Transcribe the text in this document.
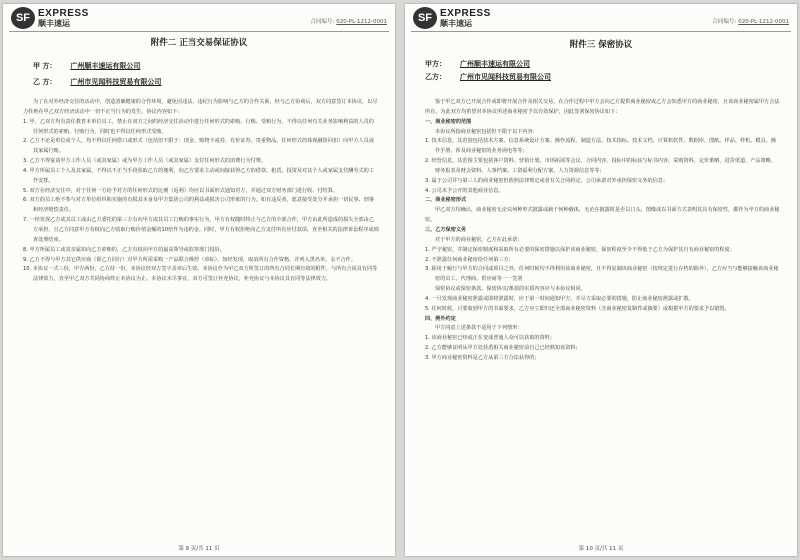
SF EXPRESS
顺丰速运	合同编号: 020-PL-1212-0001
附件二 正当交易保证协议
甲 方： 广州顺丰速运有限公司
乙 方： 广州市见闻科技贸易有限公司

为了在对外经济交往的活动中，创造清廉健康的合作环境，避免因违法、违纪行为影响与乙方的合作关系，经与乙方协商后，双方同意签订本协议，以尽力杜绝在甲乙双方经济活动中一切不正当行为的发生，协议内容如下：

1. 甲、乙双方均有责任教育本单位员工，禁止在双方之间的经济交往活动中进行任何形式的索贿、行贿、受贿行为，不得以任何有关业务影响利益的人员的任何形式的索贿、行贿行为，同时也不得以任何形式受贿。

2. 乙方不论是单位或个人，均不得以任何借口或形式（包括但不限于：现金、购物卡或券、有价证券、贵重物品、任何形式的体现融资回扣）向甲方人员或其家属行贿。

3. 乙方不得宴请甲方工作人员（或其家属）或为甲方工作人员（或其家属）支付任何形式的消费行为付费。

4. 甲方所属员工个人及其家属，不得以不正当手段获取乙方的便利，向乙方要求主动或间接获得乙方的借款、租赁、投资及对其个人或家属支付酬劳式的工作安排。

5. 双方在经济交往中，对于任何一方给予对方的任何形式的比例（返利）均应以书面形式通知对方，并通过双方财务部门进行收、付结算。

6. 双方的员工绝不参与对方单位组织和实施的有损其本身及甲方集团公司的利益或损害公司形象的行为。如有违反者，愿意接受处分并承担一切民事、刑事和经济赔偿责任。

7. 一经发现乙方或其员工或由乙方委托的第三方有向甲方或其员工行贿的事实行为，甲方有权随时终止与乙方的全部合作，甲方由此所造成的损失全部由乙方承担，且乙方同意甲方有权向乙方收取行贿价值金额的10倍作为违约金。同时，甲方有权拒绝向乙方支付所有应付款项，直至相关的法律诉讼程序或调查处理结束。

8. 甲方所属员工或其亲属如向乙方索贿的，乙方有权向甲方的最高领导或监察部门投诉。

9. 乙方不得与甲方其它供应商（即乙方同行）对甲方所需采购一产品联合操控（串标），如经发现，取消所有合作资格，并列入黑名单，永不合作。

10. 本协议一式三份，甲方两份，乙方持一份，本协议经双方签字盖章后生效。本协议作为甲乙双方所签订的所有合同长期有效的附件，与所有合同具有同等法律效力，直至甲乙双方共同协商终止本协议为止。本协议未尽事宜，双方可签订补充协议，补充协议与本协议具有同等法律效力。

第 9 页/共 11 页
SF EXPRESS
顺丰速运	合同编号: 020-PL-1212-0001
附件三 保密协议
甲方： 广州顺丰速运有限公司
乙方： 广州市见闻科技贸易有限公司

鉴于甲乙双方已开展合作或即将开展合作及相关交易，在合作过程中甲方会向乙方提供商业秘密或乙方会知悉甲方的商业秘密，且该商业秘密属甲方合法所有，为此双方均希望对本协议所述商业秘密予以有效保护，因此签署保密协议如下：

一、商业秘密的范围

本协议所指商业秘密包括但不限于以下内容：

1. 技术信息，其范围包括技术方案、信息系统设计方案、操作流程、制造方法、技术指标、技术文档、计算机软件、数据库、图纸、样品、样机、模具、操作手册、涉及商业秘密的业务函电等等；

2. 经营信息，其范围主要包括客户资料、营销计划、市场拓展等会议、合同内容、投标中的标底与标书内容、采购资料、定价策略、进货渠道、产品策略、财务报表及财会资料、人事档案、工资福利分配方案、人力资源信息等等；

3. 属于公司并与第三人的商业秘密但依照法律规定或者有关合同约定，公司承诺对外承担保密义务的信息；

4. 公司未予公开的其他商业信息。

二、商业秘密形式

甲乙双方均确认，商业秘密无论以何种形式披露或载于何种载体，无论在披露时是否以口头、图像或以书面方式表明其具有保密性，都作为甲方的商业秘密。

三、乙方保密义务

对于甲方的商业秘密，乙方在此承诺：

1. 严守秘密，并制定保密制度和采取所有必要的保密措施以保护该商业秘密，保密程度至少不得低于乙方为保护其自有商业秘密的程度；

2. 不泄露任何商业秘密给任何第三方；

3. 除用于履行与甲方的合同或项目之外，任何时候均不得利用该商业秘密，且不得复制该商业秘密（按规定进行存档的除外），乙方应当与能够接触该商业秘密的员工、代理商、供应商等一一签署

保密协议或保密条款，保密协议/条款的实质内容应与本协议相同。

4. 一旦发现商业秘密泄露或即将泄露时，应于第一时间通知甲方，并尽力采取必要的措施，防止商业秘密泄露或扩散。

5. 任何时候，只要收到甲方的书面要求，乙方应立即归还全部商业秘密资料（含商业秘密复制件或摘要）或根据甲方的要求予以销毁。

四、例外约定

甲方同意上述条款不适用于下列情形：

1. 该商业秘密已经或正在变成普通人众可以获取的资料；

2. 乙方能够证明从甲方处获悉相关商业秘密前自己已经熟知该资料；

3. 甲方商业秘密资料是乙方从第三方合法获得的；

第 10 页/共 11 页
